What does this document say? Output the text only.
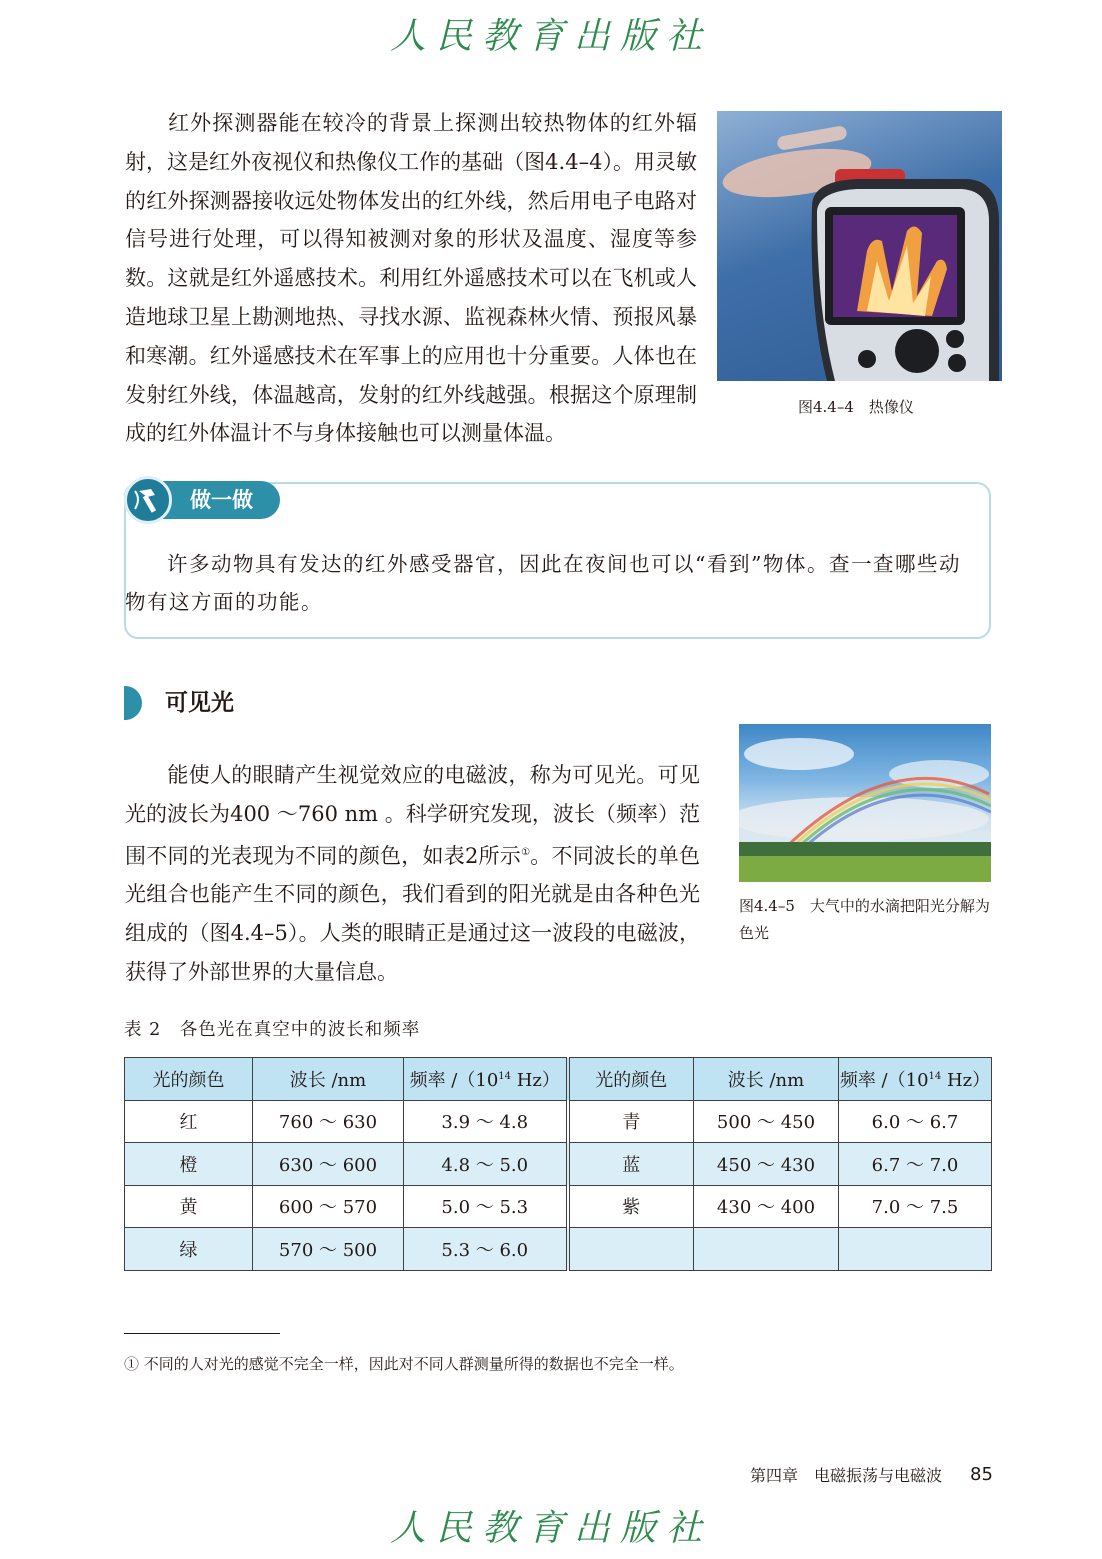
人民教育出版社
红外探测器能在较冷的背景上探测出较热物体的红外辐射，这是红外夜视仪和热像仪工作的基础（图4.4–4）。用灵敏的红外探测器接收远处物体发出的红外线，然后用电子电路对信号进行处理，可以得知被测对象的形状及温度、湿度等参数。这就是红外遥感技术。利用红外遥感技术可以在飞机或人造地球卫星上勘测地热、寻找水源、监视森林火情、预报风暴和寒潮。红外遥感技术在军事上的应用也十分重要。人体也在发射红外线，体温越高，发射的红外线越强。根据这个原理制成的红外体温计不与身体接触也可以测量体温。
图4.4–4　热像仪
做一做
许多动物具有发达的红外感受器官，因此在夜间也可以“看到”物体。查一查哪些动物有这方面的功能。
可见光
能使人的眼睛产生视觉效应的电磁波，称为可见光。可见光的波长为400 ～760 nm 。科学研究发现，波长（频率）范围不同的光表现为不同的颜色，如表2所示①。不同波长的单色光组合也能产生不同的颜色，我们看到的阳光就是由各种色光组成的（图4.4–5）。人类的眼睛正是通过这一波段的电磁波，获得了外部世界的大量信息。
图4.4–5　大气中的水滴把阳光分解为色光
表 2　各色光在真空中的波长和频率
光的颜色	波长 /nm	频率 $/(10^{14}$ Hz）	光的颜色	波长 /nm	频率 $/(10^{14}$ Hz）
红	760 ～ 630	3.9 ～ 4.8	青	500 ～ 450	6.0 ～ 6.7
橙	630 ～ 600	4.8 ～ 5.0	蓝	450 ～ 430	6.7 ～ 7.0
黄	600 ～ 570	5.0 ～ 5.3	紫	430 ～ 400	7.0 ～ 7.5
绿	570 ～ 500	5.3 ～ 6.0			
① 不同的人对光的感觉不完全一样，因此对不同人群测量所得的数据也不完全一样。
第四章　电磁振荡与电磁波 85
人民教育出版社
